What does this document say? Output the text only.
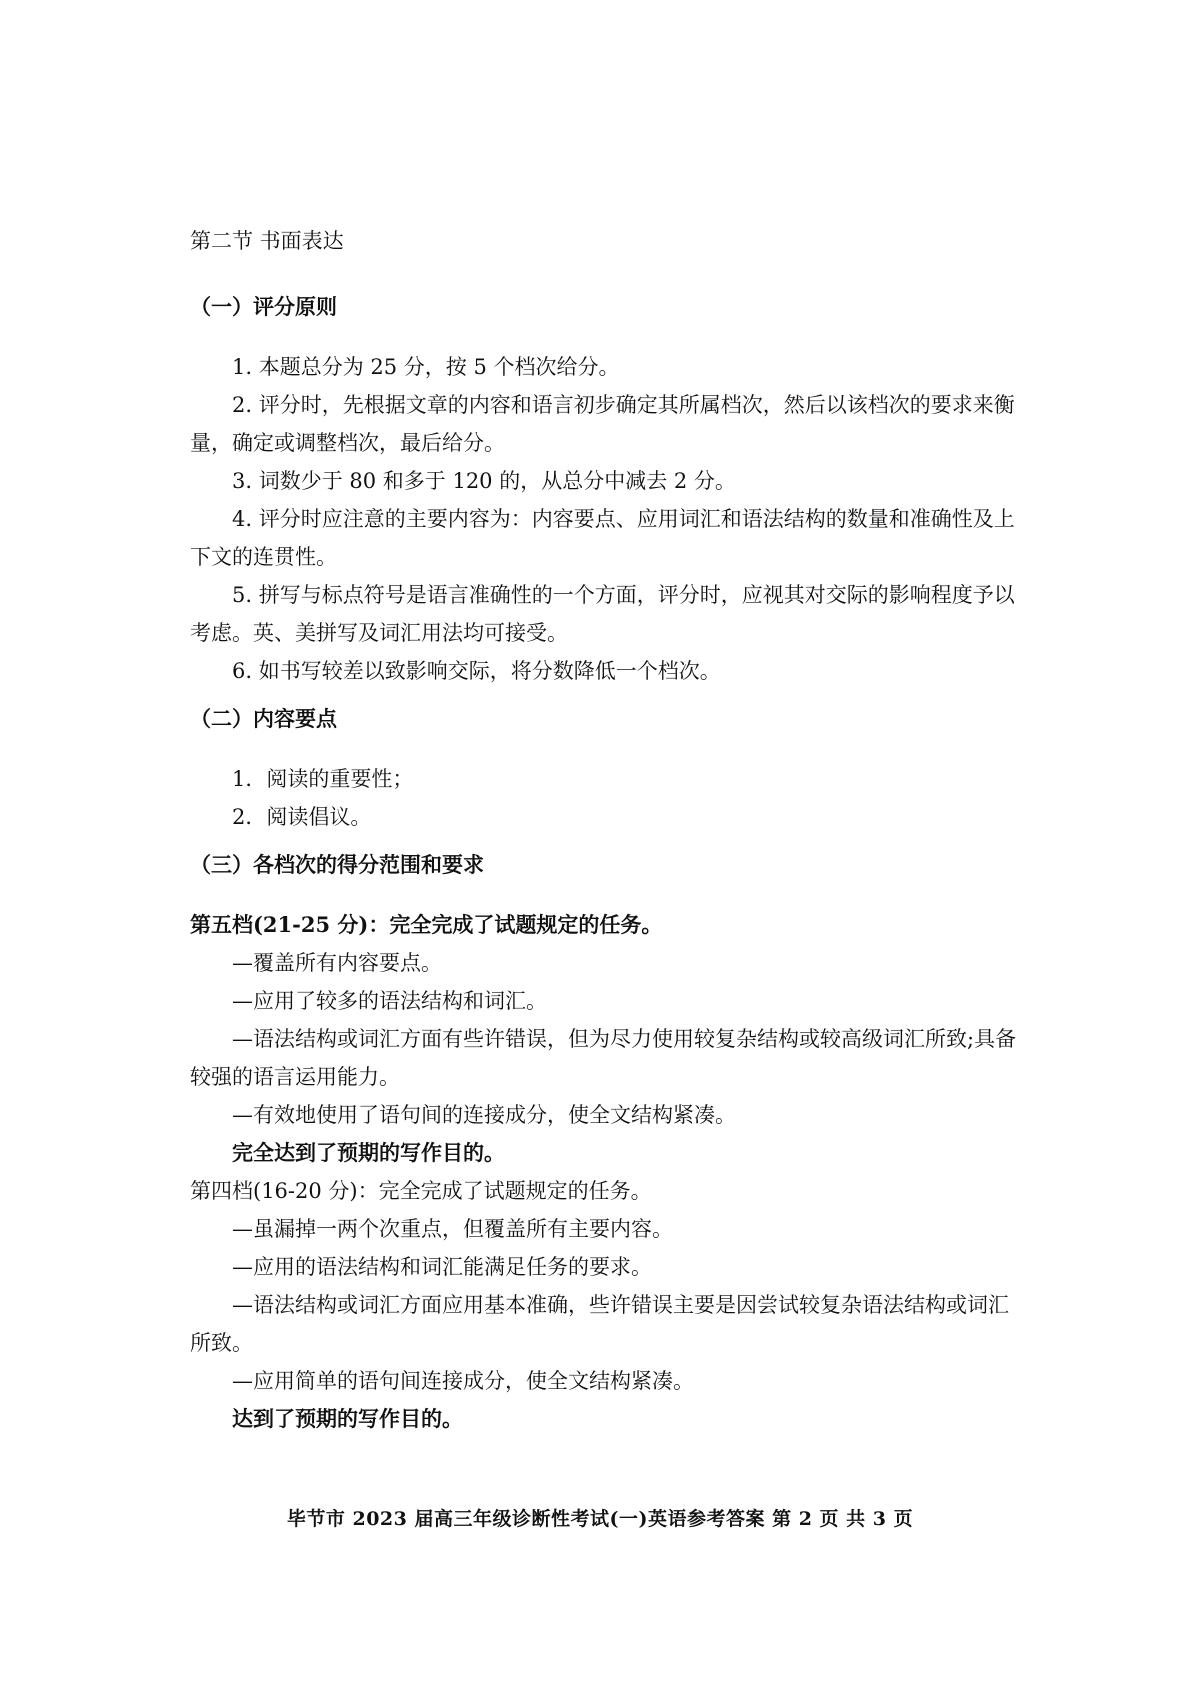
第二节 书面表达

（一）评分原则

1. 本题总分为 25 分，按 5 个档次给分。

2. 评分时，先根据文章的内容和语言初步确定其所属档次，然后以该档次的要求来衡量，确定或调整档次，最后给分。

3. 词数少于 80 和多于 120 的，从总分中减去 2 分。

4. 评分时应注意的主要内容为：内容要点、应用词汇和语法结构的数量和准确性及上下文的连贯性。

5. 拼写与标点符号是语言准确性的一个方面，评分时，应视其对交际的影响程度予以考虑。英、美拼写及词汇用法均可接受。

6. 如书写较差以致影响交际，将分数降低一个档次。

（二）内容要点

1．阅读的重要性；

2．阅读倡议。

（三）各档次的得分范围和要求

第五档(21-25 分)：完全完成了试题规定的任务。

—覆盖所有内容要点。

—应用了较多的语法结构和词汇。

—语法结构或词汇方面有些许错误，但为尽力使用较复杂结构或较高级词汇所致;具备较强的语言运用能力。

—有效地使用了语句间的连接成分，使全文结构紧凑。

完全达到了预期的写作目的。

第四档(16-20 分)：完全完成了试题规定的任务。

—虽漏掉一两个次重点，但覆盖所有主要内容。

—应用的语法结构和词汇能满足任务的要求。

—语法结构或词汇方面应用基本准确，些许错误主要是因尝试较复杂语法结构或词汇所致。

—应用简单的语句间连接成分，使全文结构紧凑。

达到了预期的写作目的。

毕节市 2023 届高三年级诊断性考试(一)英语参考答案 第 2 页 共 3 页
